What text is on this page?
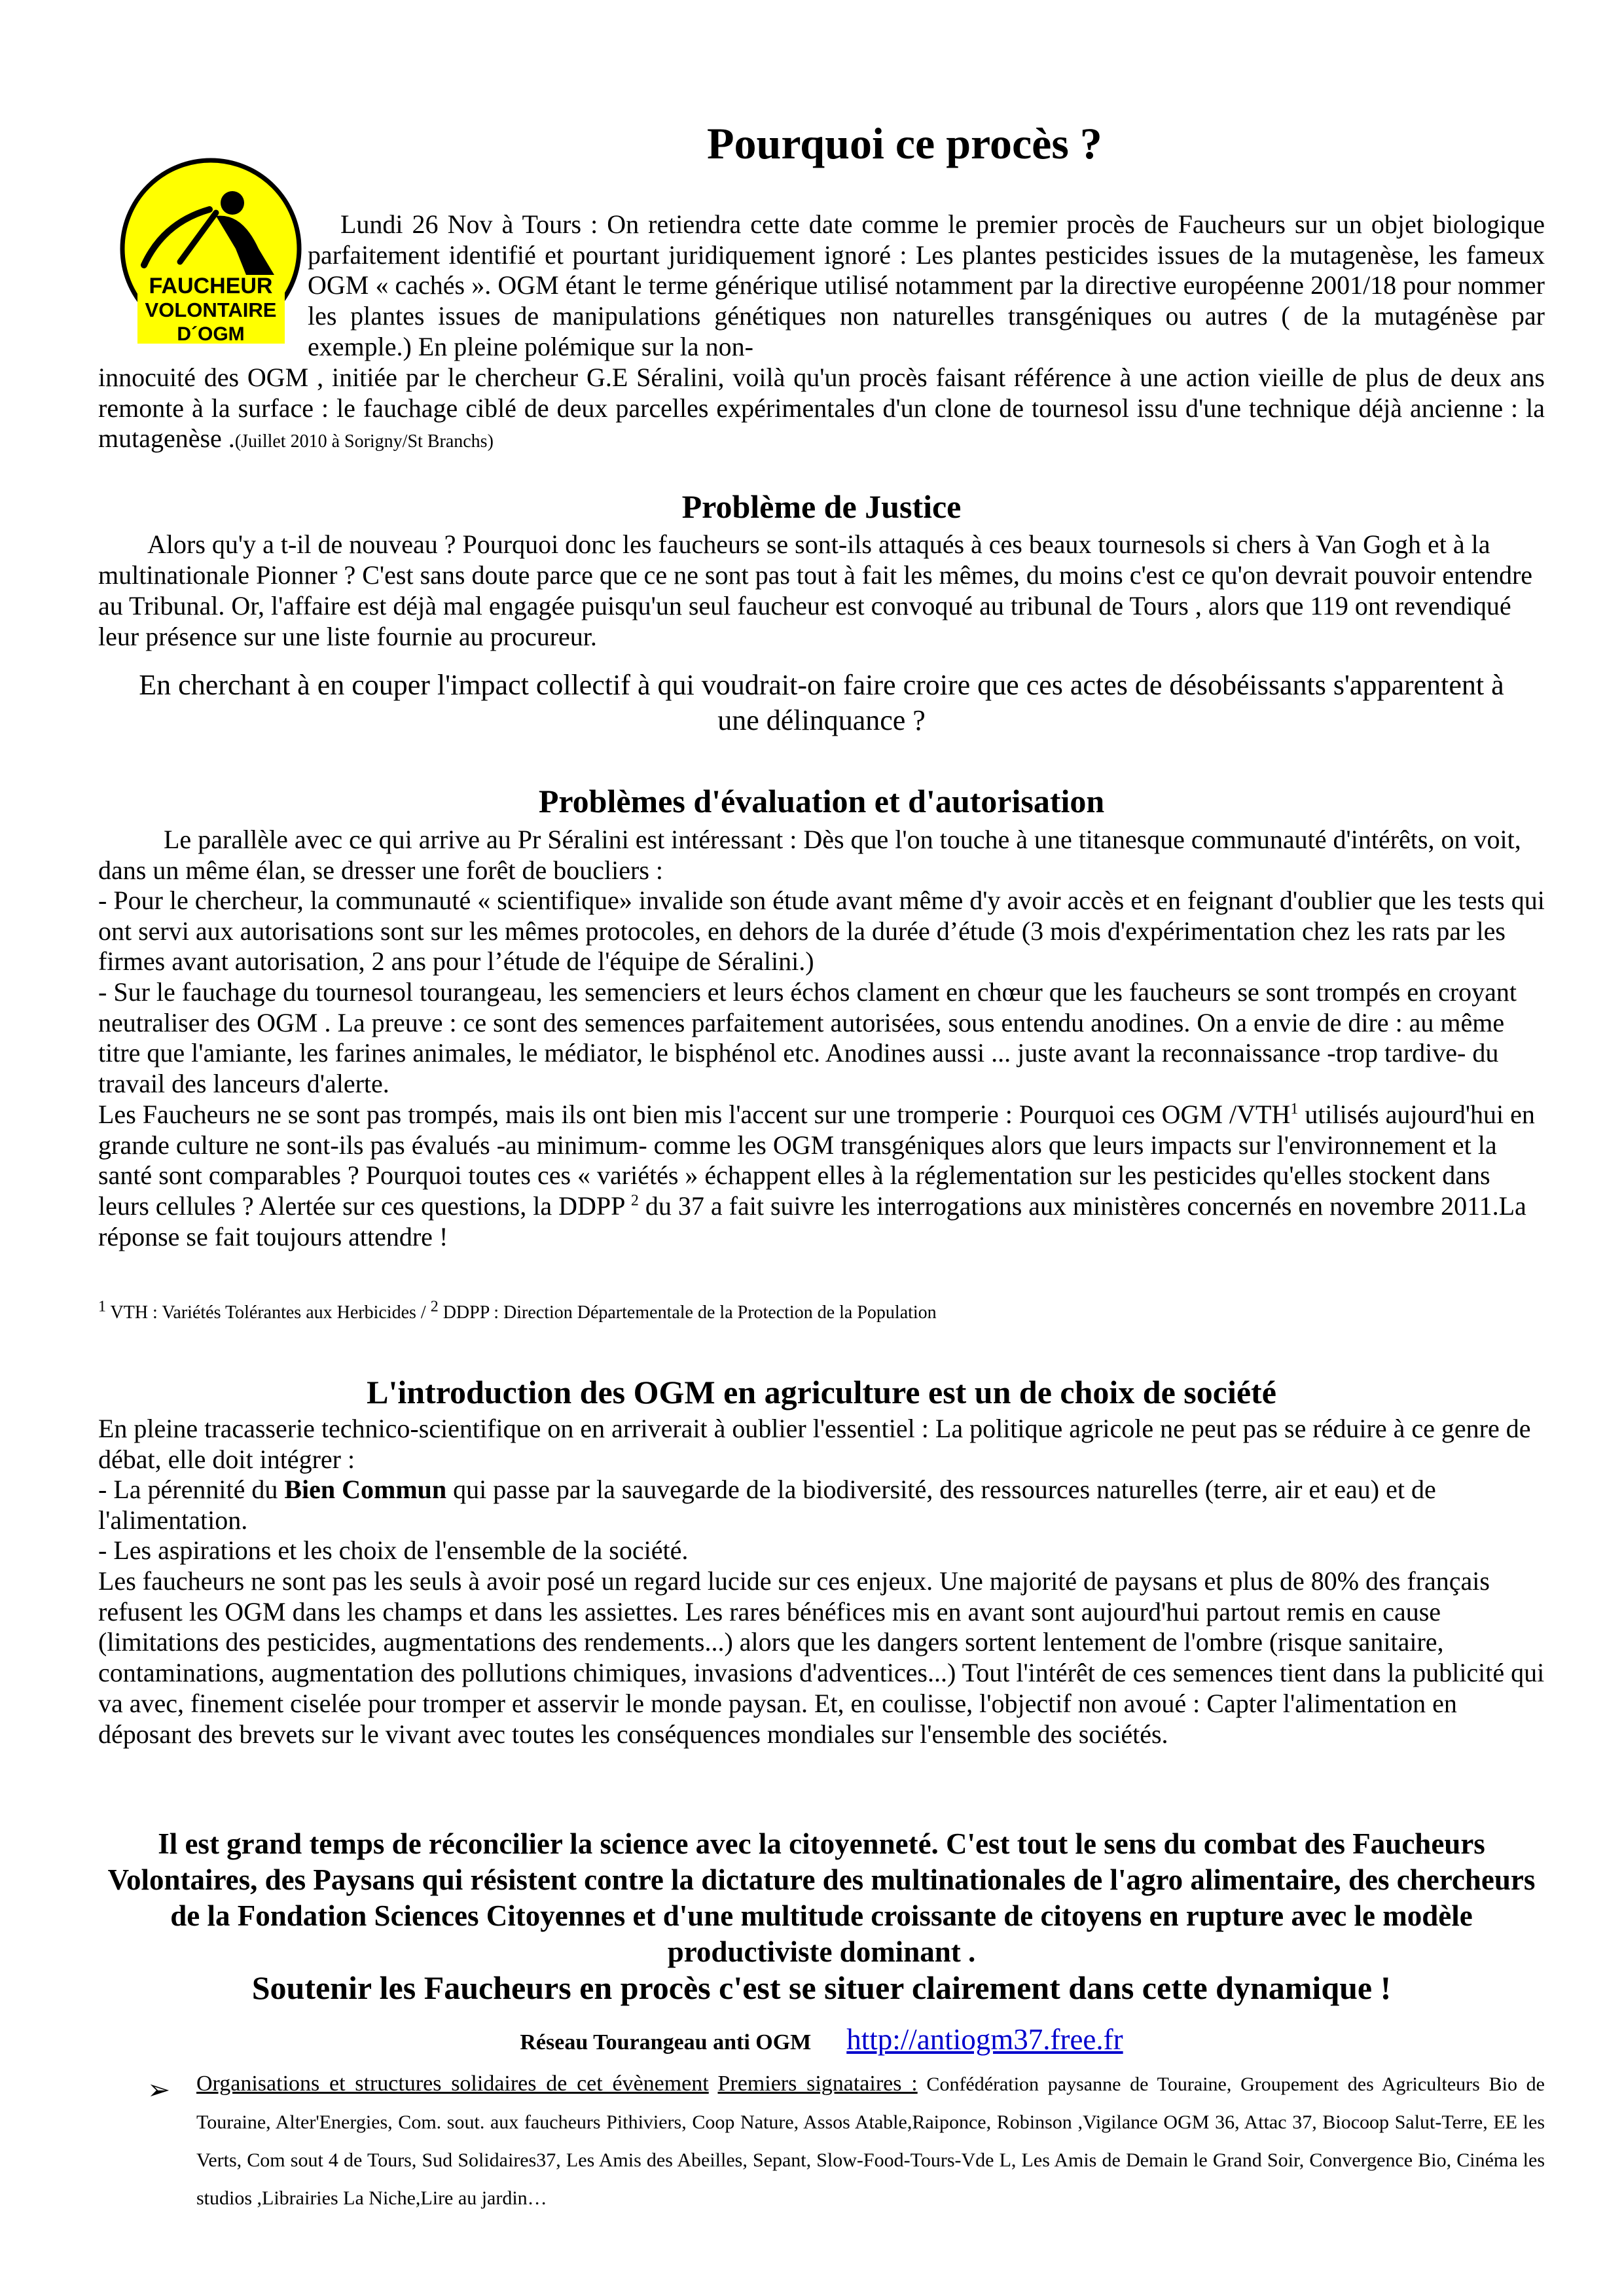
Pourquoi ce procès ?
FAUCHEUR
VOLONTAIRE
D´OGM

Lundi 26 Nov à Tours : On retiendra cette date comme le premier procès de Faucheurs sur un objet biologique parfaitement identifié et pourtant juridiquement ignoré : Les plantes pesticides issues de la mutagenèse, les fameux OGM « cachés ». OGM étant le terme générique utilisé notamment par la directive européenne 2001/18 pour nommer les plantes issues de manipulations génétiques non naturelles transgéniques ou autres ( de la mutagénèse par exemple.) En pleine polémique sur la non-

innocuité des OGM , initiée par le chercheur G.E Séralini, voilà qu'un procès faisant référence à une action vieille de plus de deux ans remonte à la surface : le fauchage ciblé de deux parcelles expérimentales d'un clone de tournesol issu d'une technique déjà ancienne : la mutagenèse .(Juillet 2010 à Sorigny/St Branchs)

Problème de Justice

Alors qu'y a t-il de nouveau ? Pourquoi donc les faucheurs se sont-ils attaqués à ces beaux tournesols si chers à Van Gogh et à la multinationale Pionner ? C'est sans doute parce que ce ne sont pas tout à fait les mêmes, du moins c'est ce qu'on devrait pouvoir entendre au Tribunal. Or, l'affaire est déjà mal engagée puisqu'un seul faucheur est convoqué au tribunal de Tours , alors que 119 ont revendiqué leur présence sur une liste fournie au procureur.

En cherchant à en couper l'impact collectif à qui voudrait-on faire croire que ces actes de désobéissants s'apparentent à une délinquance ?

Problèmes d'évaluation et d'autorisation

Le parallèle avec ce qui arrive au Pr Séralini est intéressant : Dès que l'on touche à une titanesque communauté d'intérêts, on voit, dans un même élan, se dresser une forêt de boucliers :

- Pour le chercheur, la communauté « scientifique» invalide son étude avant même d'y avoir accès et en feignant d'oublier que les tests qui ont servi aux autorisations sont sur les mêmes protocoles, en dehors de la durée d’étude (3 mois d'expérimentation chez les rats par les firmes avant autorisation, 2 ans pour l’étude de l'équipe de Séralini.)

- Sur le fauchage du tournesol tourangeau, les semenciers et leurs échos clament en chœur que les faucheurs se sont trompés en croyant neutraliser des OGM . La preuve : ce sont des semences parfaitement autorisées, sous entendu anodines. On a envie de dire : au même titre que l'amiante, les farines animales, le médiator, le bisphénol etc. Anodines aussi ... juste avant la reconnaissance -trop tardive- du travail des lanceurs d'alerte.

Les Faucheurs ne se sont pas trompés, mais ils ont bien mis l'accent sur une tromperie : Pourquoi ces OGM /VTH$^1$ utilisés aujourd'hui en grande culture ne sont-ils pas évalués -au minimum- comme les OGM transgéniques alors que leurs impacts sur l'environnement et la santé sont comparables ? Pourquoi toutes ces « variétés » échappent elles à la réglementation sur les pesticides qu'elles stockent dans leurs cellules ? Alertée sur ces questions, la DDPP $^2$ du 37 a fait suivre les interrogations aux ministères concernés en novembre 2011.La réponse se fait toujours attendre !

$^1$ VTH : Variétés Tolérantes aux Herbicides / $^2$ DDPP : Direction Départementale de la Protection de la Population
L'introduction des OGM en agriculture est un de choix de société

En pleine tracasserie technico-scientifique on en arriverait à oublier l'essentiel : La politique agricole ne peut pas se réduire à ce genre de débat, elle doit intégrer :

- La pérennité du Bien Commun qui passe par la sauvegarde de la biodiversité, des ressources naturelles (terre, air et eau) et de l'alimentation.

- Les aspirations et les choix de l'ensemble de la société.

Les faucheurs ne sont pas les seuls à avoir posé un regard lucide sur ces enjeux. Une majorité de paysans et plus de 80% des français refusent les OGM dans les champs et dans les assiettes. Les rares bénéfices mis en avant sont aujourd'hui partout remis en cause (limitations des pesticides, augmentations des rendements...) alors que les dangers sortent lentement de l'ombre (risque sanitaire, contaminations, augmentation des pollutions chimiques, invasions d'adventices...) Tout l'intérêt de ces semences tient dans la publicité qui va avec, finement ciselée pour tromper et asservir le monde paysan. Et, en coulisse, l'objectif non avoué : Capter l'alimentation en déposant des brevets sur le vivant avec toutes les conséquences mondiales sur l'ensemble des sociétés.

Il est grand temps de réconcilier la science avec la citoyenneté. C'est tout le sens du combat des Faucheurs Volontaires, des Paysans qui résistent contre la dictature des multinationales de l'agro alimentaire, des chercheurs de la Fondation Sciences Citoyennes et d'une multitude croissante de citoyens en rupture avec le modèle productiviste dominant .
Soutenir les Faucheurs en procès c'est se situer clairement dans cette dynamique !
Réseau Tourangeau anti OGM http://antiogm37.free.fr
➢ Organisations et structures solidaires de cet évènement Premiers signataires : Confédération paysanne de Touraine, Groupement des Agriculteurs Bio de Touraine, Alter'Energies, Com. sout. aux faucheurs Pithiviers, Coop Nature, Assos Atable,Raiponce, Robinson ,Vigilance OGM 36, Attac 37, Biocoop Salut-Terre, EE les Verts, Com sout 4 de Tours, Sud Solidaires37, Les Amis des Abeilles, Sepant, Slow-Food-Tours-Vde L, Les Amis de Demain le Grand Soir, Convergence Bio, Cinéma les studios ,Librairies La Niche,Lire au jardin…
